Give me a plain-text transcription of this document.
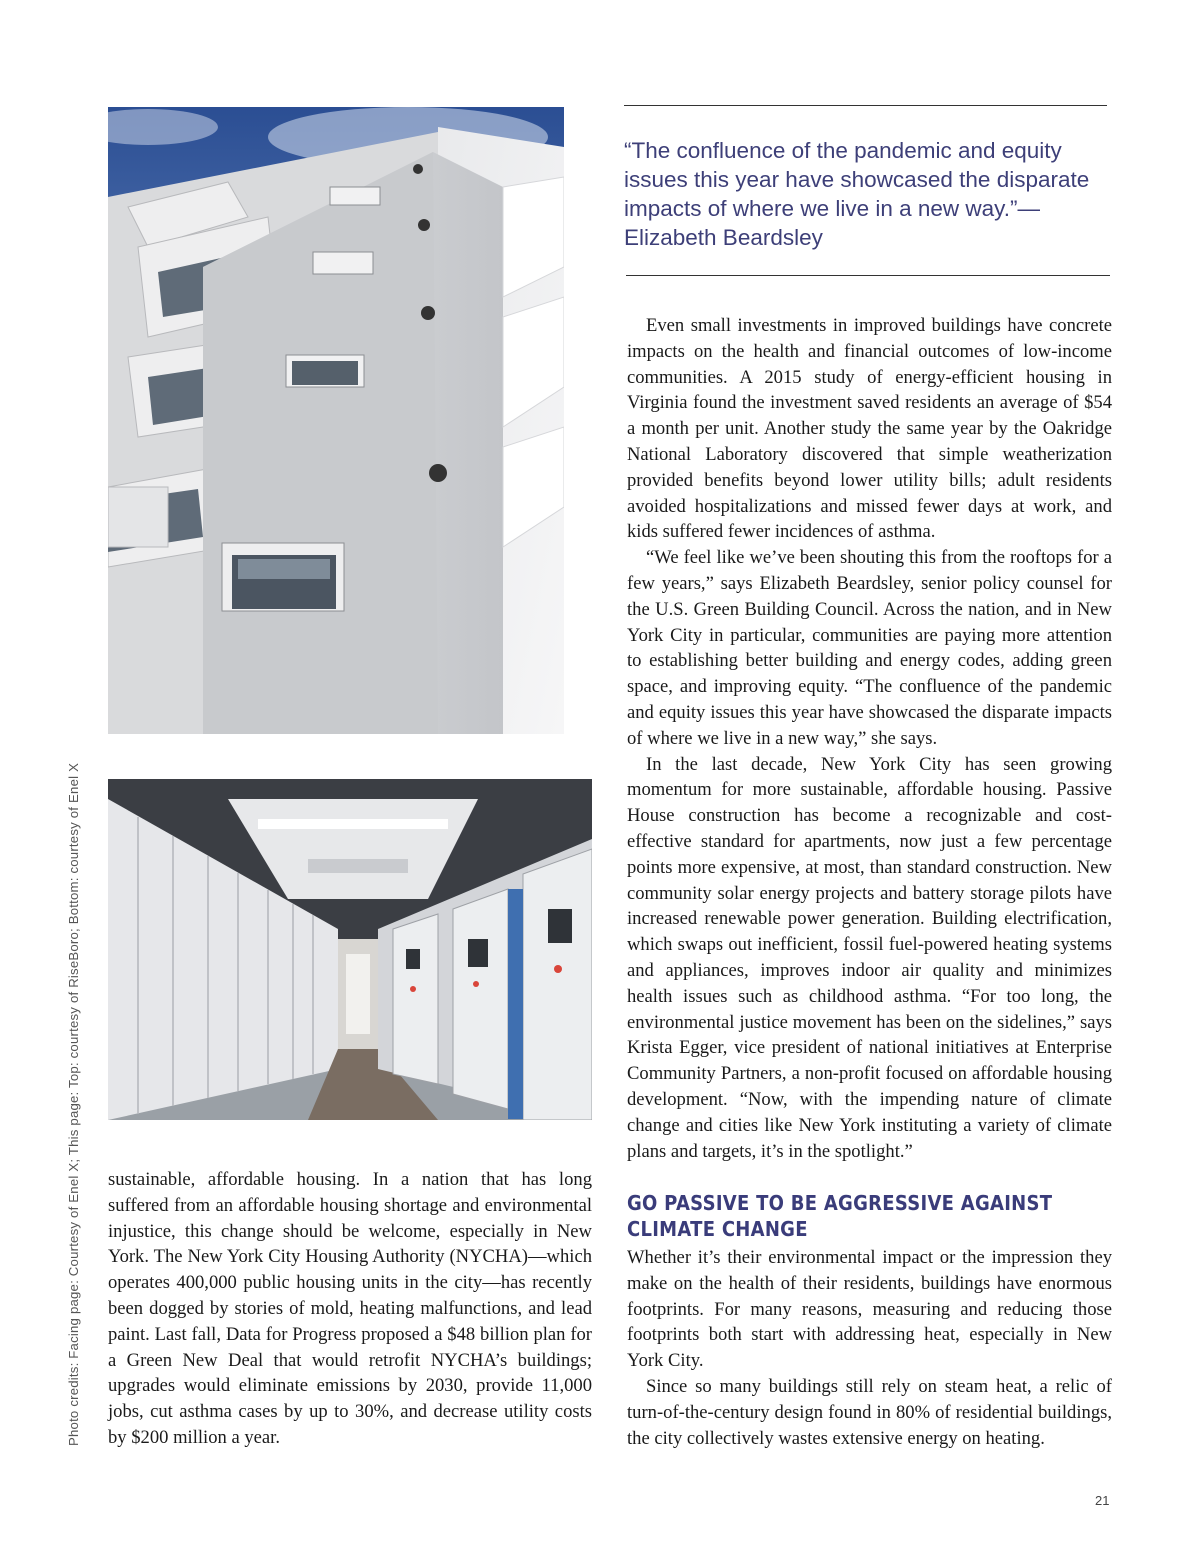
Photo credits: Facing page: Courtesy of Enel X; This page: Top: courtesy of RiseBoro; Bottom: courtesy of Enel X sustainable, affordable housing. In a nation that has long suffered from an affordable housing shortage and environmental injustice, this change should be welcome, especially in New York. The New York City Housing Authority (NYCHA)—which operates 400,000 public housing units in the city—has recently been dogged by stories of mold, heating malfunctions, and lead paint. Last fall, Data for Progress proposed a $48 billion plan for a Green New Deal that would retrofit NYCHA’s buildings; upgrades would eliminate emissions by 2030, provide 11,000 jobs, cut asthma cases by up to 30%, and decrease utility costs by $200 million a year.

“The confluence of the pandemic and equity issues this year have showcased the disparate impacts of where we live in a new way.”—Elizabeth Beardsley

Even small investments in improved buildings have concrete impacts on the health and financial outcomes of low-income communities. A 2015 study of energy-efficient housing in Virginia found the investment saved residents an average of $54 a month per unit. Another study the same year by the Oakridge National Laboratory discovered that simple weatherization provided benefits beyond lower utility bills; adult residents avoided hospitalizations and missed fewer days at work, and kids suffered fewer incidences of asthma.

“We feel like we’ve been shouting this from the rooftops for a few years,” says Elizabeth Beardsley, senior policy counsel for the U.S. Green Building Council. Across the nation, and in New York City in particular, communities are paying more attention to establishing better building and energy codes, adding green space, and improving equity. “The confluence of the pandemic and equity issues this year have showcased the disparate impacts of where we live in a new way,” she says.

In the last decade, New York City has seen growing momentum for more sustainable, affordable housing. Passive House construction has become a recognizable and cost-effective standard for apartments, now just a few percentage points more expensive, at most, than standard construction. New community solar energy projects and battery storage pilots have increased renewable power generation. Building electrification, which swaps out inefficient, fossil fuel-powered heating systems and appliances, improves indoor air quality and minimizes health issues such as childhood asthma. “For too long, the environmental justice movement has been on the sidelines,” says Krista Egger, vice president of national initiatives at Enterprise Community Partners, a non-profit focused on affordable housing development. “Now, with the impending nature of climate change and cities like New York instituting a variety of climate plans and targets, it’s in the spotlight.”

GO PASSIVE TO BE AGGRESSIVE AGAINST CLIMATE CHANGE

Whether it’s their environmental impact or the impression they make on the health of their residents, buildings have enormous footprints. For many reasons, measuring and reducing those footprints both start with addressing heat, especially in New York City.

Since so many buildings still rely on steam heat, a relic of turn-of-the-century design found in 80% of residential buildings, the city collectively wastes extensive energy on heating.

21
